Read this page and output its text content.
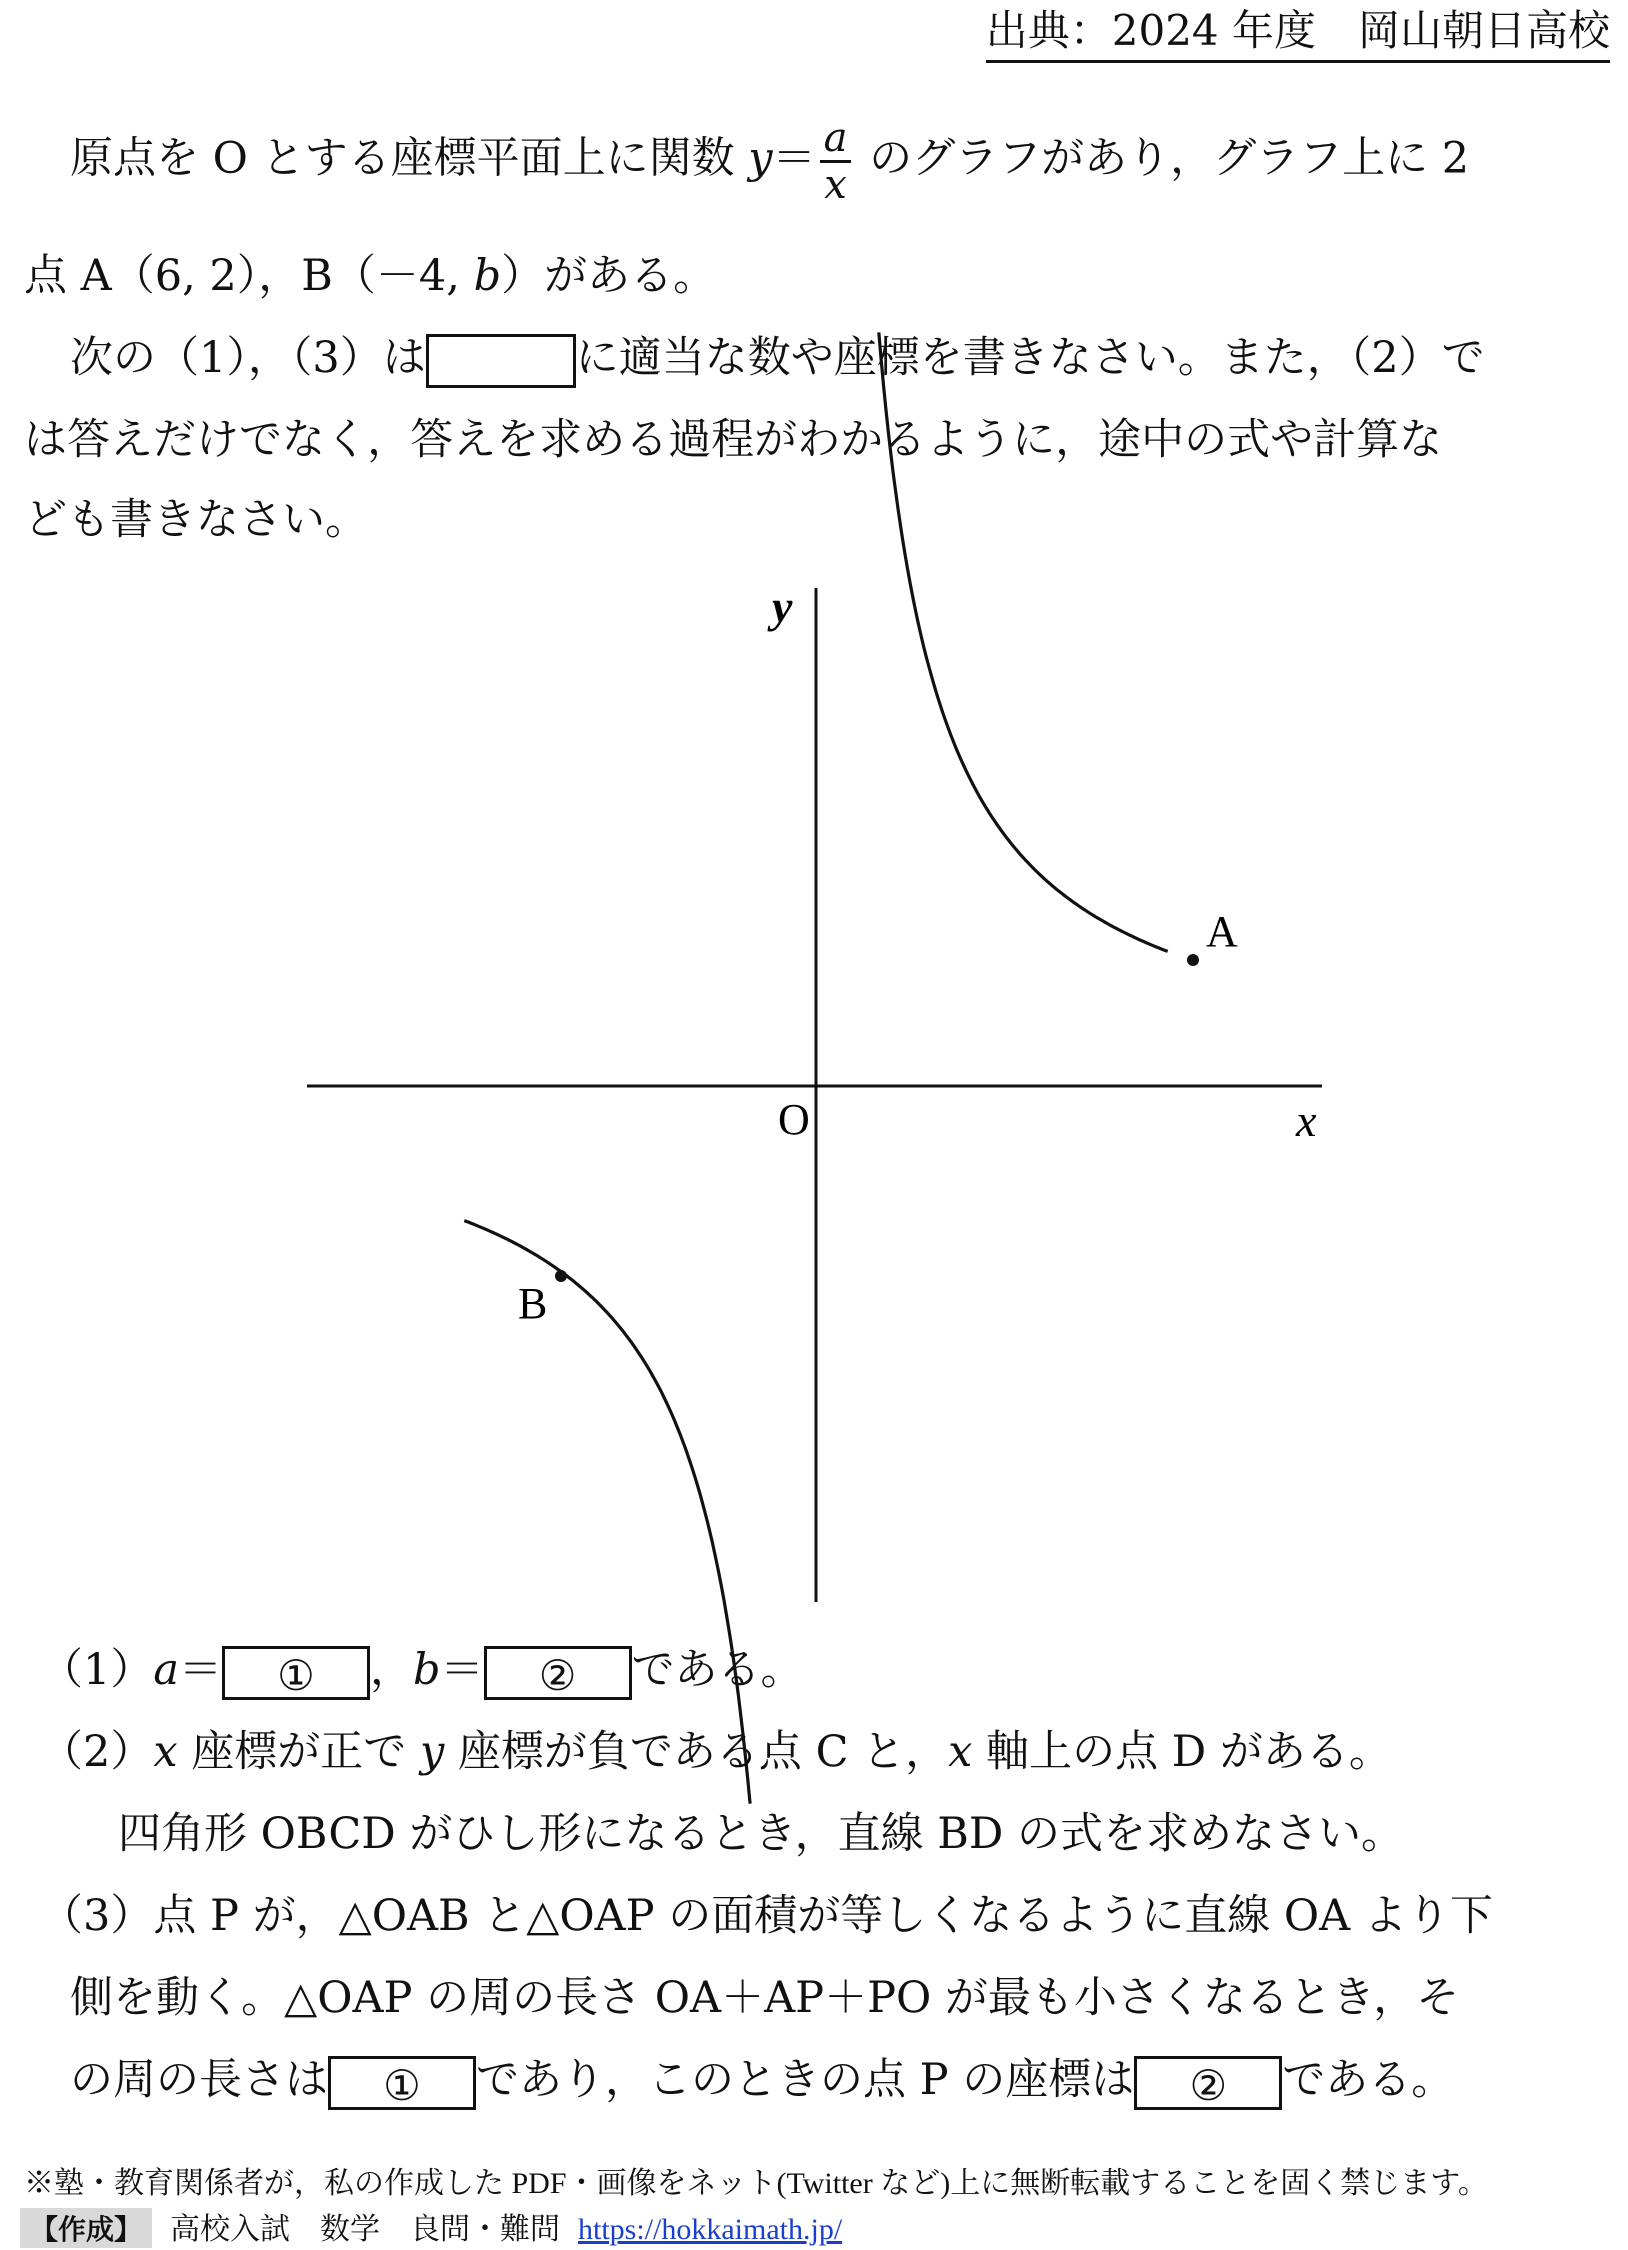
出典：2024 年度　岡山朝日高校
原点を O とする座標平面上に関数 $y= \frac{a}{x}$ のグラフがあり，グラフ上に 2
点 A（6, 2），B（－4, b）がある。
次の（1），（3）は	に適当な数や座標を書きなさい。また，（2）で
は答えだけでなく，答えを求める過程がわかるように，途中の式や計算な
ども書きなさい。
A
B
O	x
y
（1）a＝ ① ，b＝ ② である。
（2）x 座標が正で y 座標が負である点 C と，x 軸上の点 D がある。
四角形 OBCD がひし形になるとき，直線 BD の式を求めなさい。
（3）点 P が，△OAB と△OAP の面積が等しくなるように直線 OA より下
側を動く。△OAP の周の長さ OA＋AP＋PO が最も小さくなるとき，そ
の周の長さは ① であり，このときの点 P の座標は ② である。
※塾・教育関係者が，私の作成した PDF・画像をネット(Twitter など)上に無断転載することを固く禁じます。
【作成】 高校入試　数学　良問・難問 https://hokkaimath.jp/
